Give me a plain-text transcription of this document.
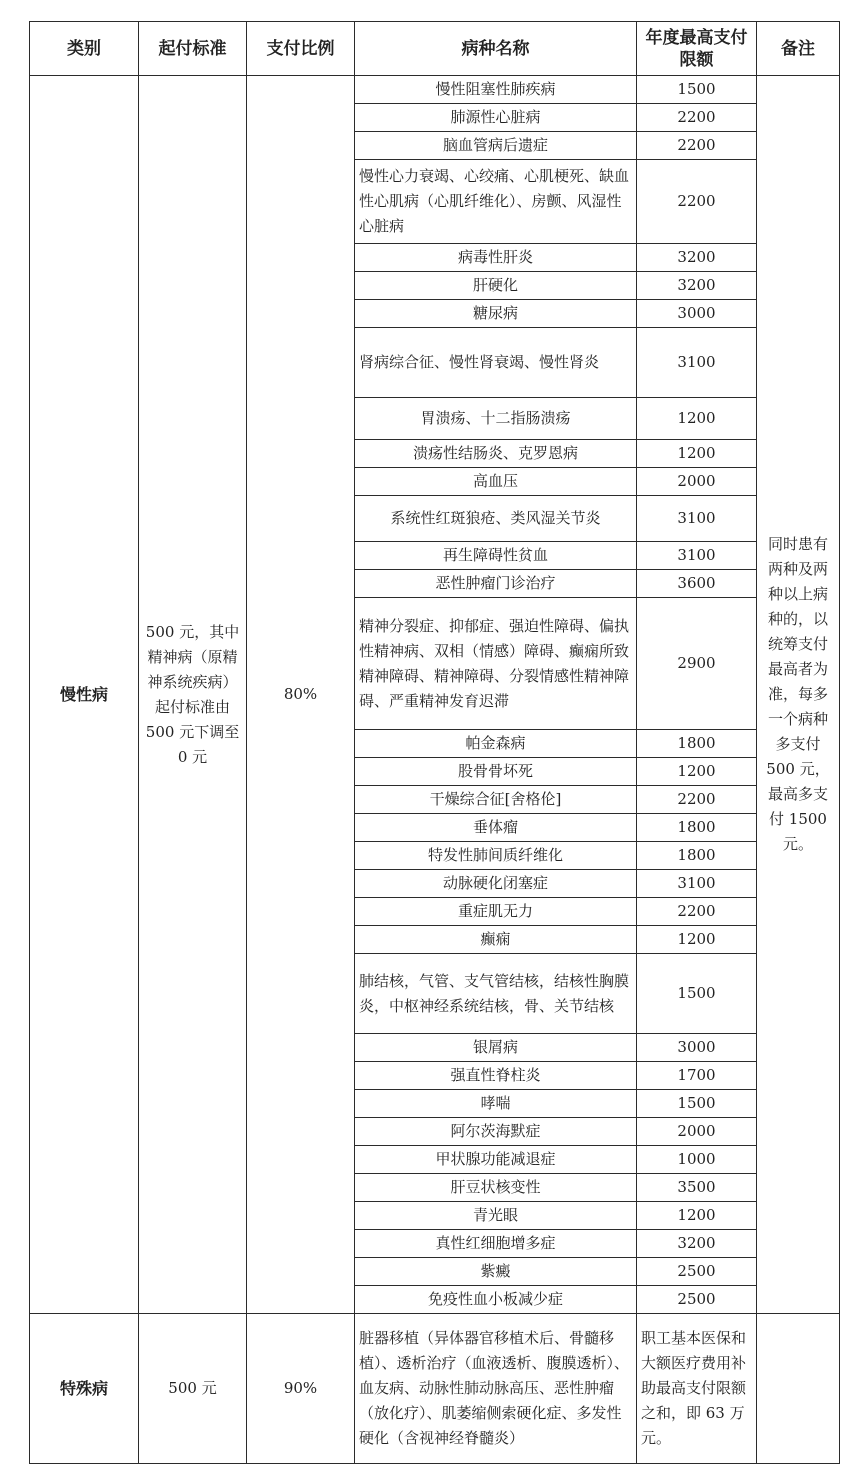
类别	起付标准	支付比例	病种名称	年度最高支付限额	备注
慢性病	500 元，其中精神病（原精神系统疾病）起付标准由 500 元下调至 0 元	80%	慢性阻塞性肺疾病	1500	同时患有两种及两种以上病种的，以统筹支付最高者为准，每多一个病种多支付 500 元，最高多支付 1500 元。
			肺源性心脏病	2200	
			脑血管病后遗症	2200	
			慢性心力衰竭、心绞痛、心肌梗死、缺血性心肌病（心肌纤维化）、房颤、风湿性心脏病	2200	
			病毒性肝炎	3200	
			肝硬化	3200	
			糖尿病	3000	
			肾病综合征、慢性肾衰竭、慢性肾炎	3100	
			胃溃疡、十二指肠溃疡	1200	
			溃疡性结肠炎、克罗恩病	1200	
			高血压	2000	
			系统性红斑狼疮、类风湿关节炎	3100	
			再生障碍性贫血	3100	
			恶性肿瘤门诊治疗	3600	
			精神分裂症、抑郁症、强迫性障碍、偏执性精神病、双相（情感）障碍、癫痫所致精神障碍、精神障碍、分裂情感性精神障碍、严重精神发育迟滞	2900	
			帕金森病	1800	
			股骨骨坏死	1200	
			干燥综合征[舍格伦]	2200	
			垂体瘤	1800	
			特发性肺间质纤维化	1800	
			动脉硬化闭塞症	3100	
			重症肌无力	2200	
			癫痫	1200	
			肺结核，气管、支气管结核，结核性胸膜炎，中枢神经系统结核，骨、关节结核	1500	
			银屑病	3000	
			强直性脊柱炎	1700	
			哮喘	1500	
			阿尔茨海默症	2000	
			甲状腺功能减退症	1000	
			肝豆状核变性	3500	
			青光眼	1200	
			真性红细胞增多症	3200	
			紫癜	2500	
			免疫性血小板减少症	2500	
特殊病	500 元	90%	脏器移植（异体器官移植术后、骨髓移植）、透析治疗（血液透析、腹膜透析）、血友病、动脉性肺动脉高压、恶性肿瘤（放化疗）、肌萎缩侧索硬化症、多发性硬化（含视神经脊髓炎）	职工基本医保和大额医疗费用补助最高支付限额之和，即 63 万元。	
